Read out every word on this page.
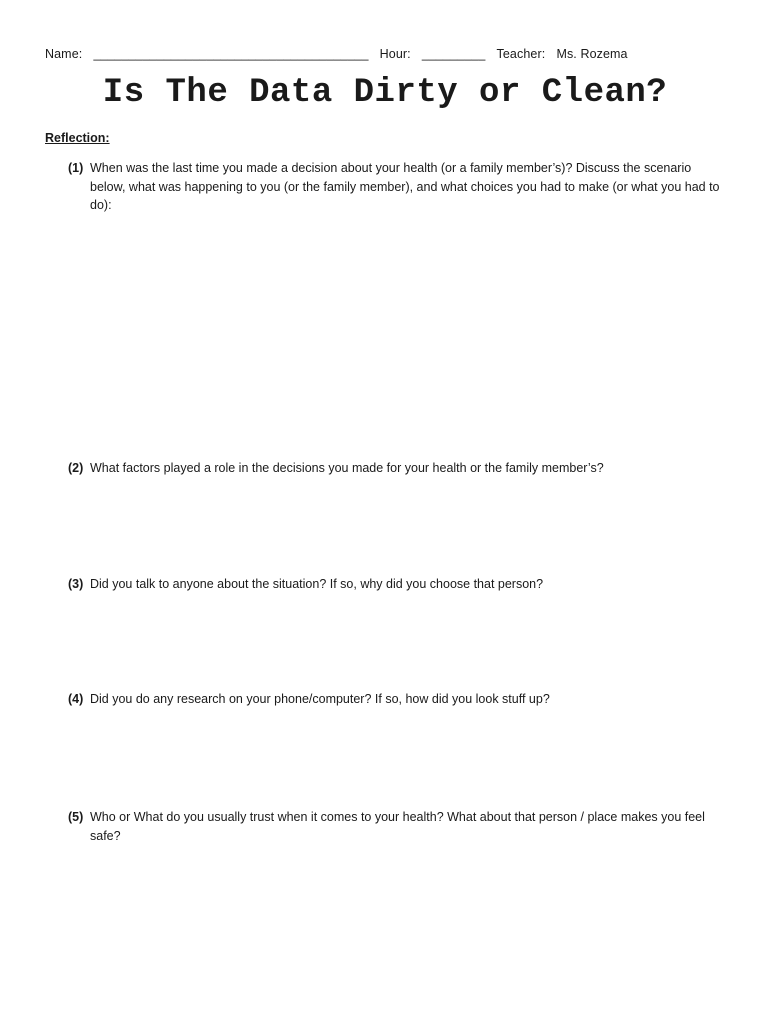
Name: _______________________________________ Hour: _________ Teacher: Ms. Rozema
Is The Data Dirty or Clean?
Reflection:
(1) When was the last time you made a decision about your health (or a family member’s)? Discuss the scenario below, what was happening to you (or the family member), and what choices you had to make (or what you had to do):
(2) What factors played a role in the decisions you made for your health or the family member’s?
(3) Did you talk to anyone about the situation? If so, why did you choose that person?
(4) Did you do any research on your phone/computer? If so, how did you look stuff up?
(5) Who or What do you usually trust when it comes to your health? What about that person / place makes you feel safe?
